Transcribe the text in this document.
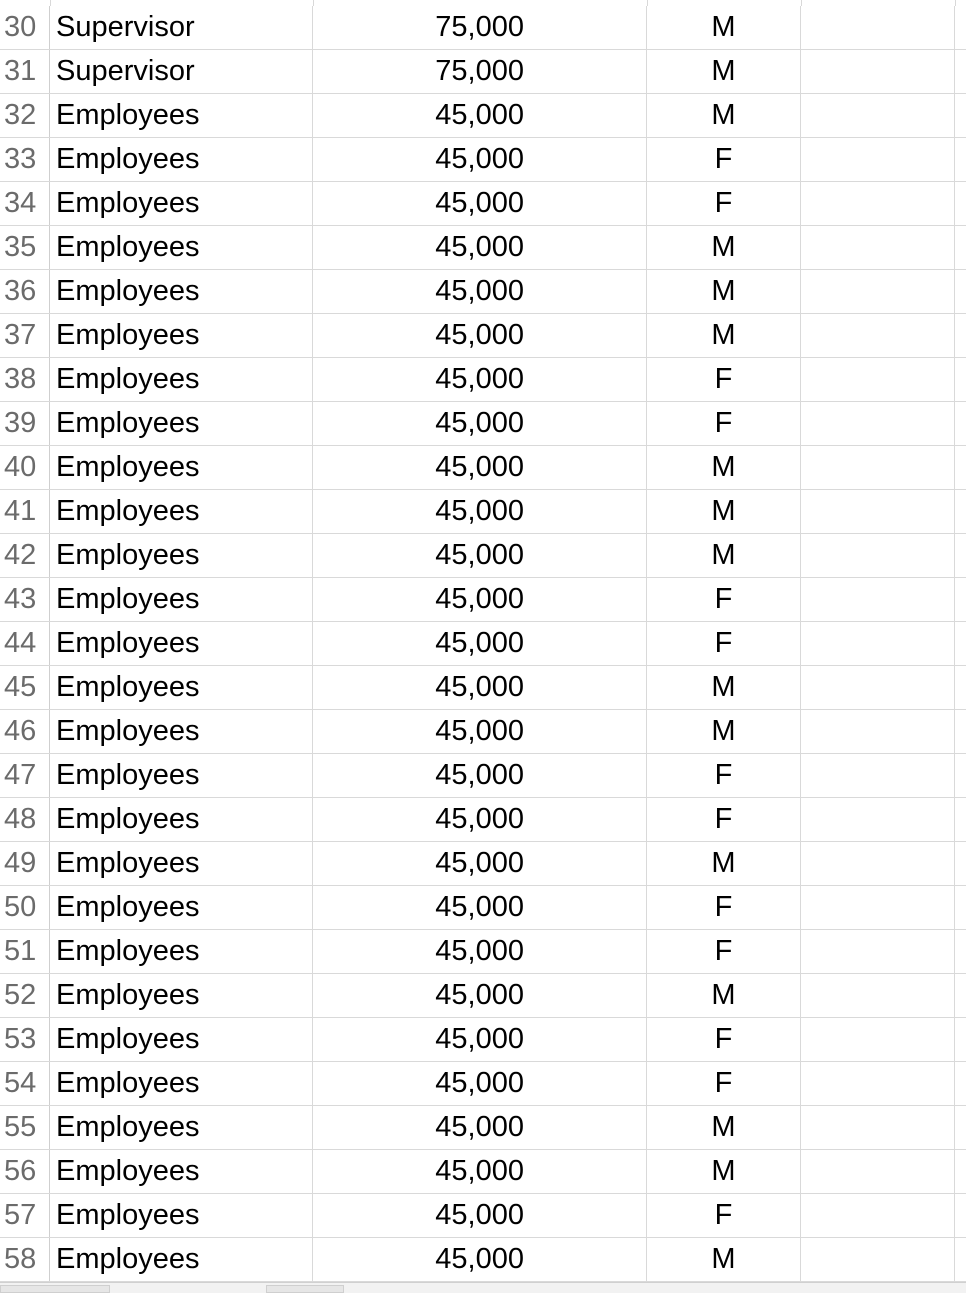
30 Supervisor	75,000	M
31 Supervisor	75,000	M
32 Employees	45,000	M
33 Employees	45,000	F
34 Employees	45,000	F
35 Employees	45,000	M
36 Employees	45,000	M
37 Employees	45,000	M
38 Employees	45,000	F
39 Employees	45,000	F
40 Employees	45,000	M
41 Employees	45,000	M
42 Employees	45,000	M
43 Employees	45,000	F
44 Employees	45,000	F
45 Employees	45,000	M
46 Employees	45,000	M
47 Employees	45,000	F
48 Employees	45,000	F
49 Employees	45,000	M
50 Employees	45,000	F
51 Employees	45,000	F
52 Employees	45,000	M
53 Employees	45,000	F
54 Employees	45,000	F
55 Employees	45,000	M
56 Employees	45,000	M
57 Employees	45,000	F
58 Employees	45,000	M
